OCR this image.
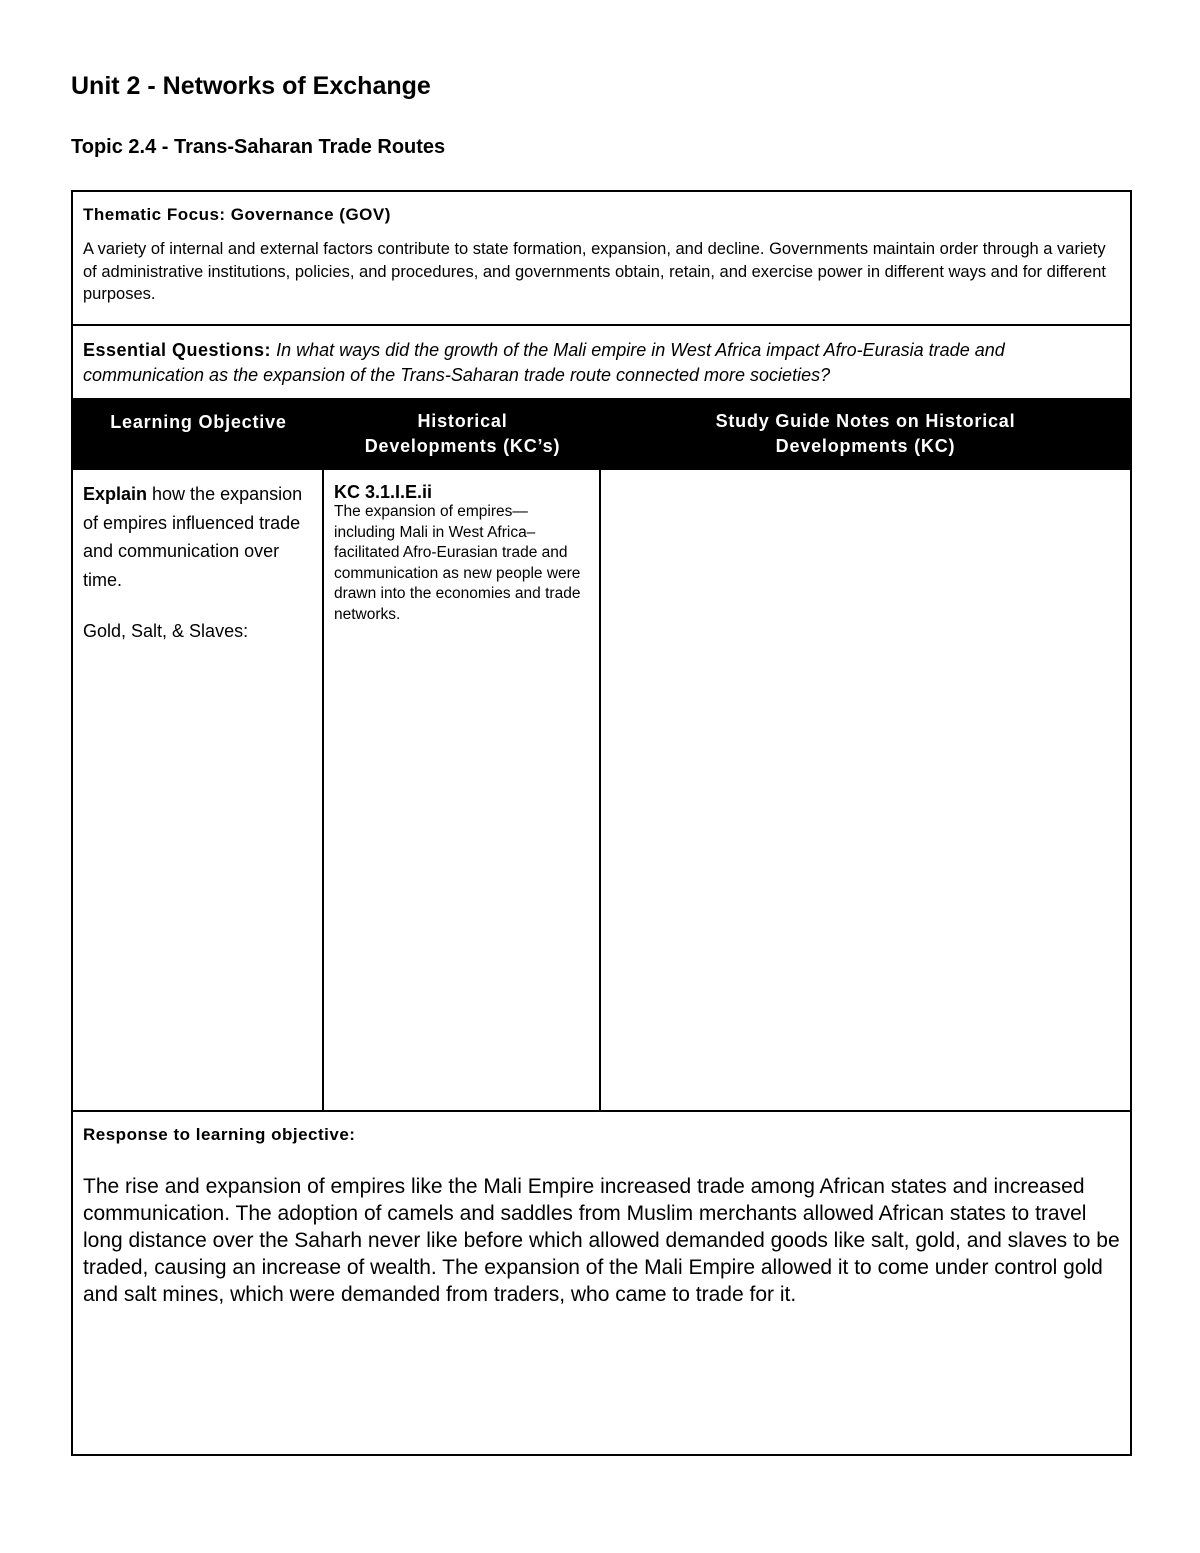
Unit 2 - Networks of Exchange
Topic 2.4 - Trans-Saharan Trade Routes
Thematic Focus: Governance (GOV)
A variety of internal and external factors contribute to state formation, expansion, and decline. Governments maintain order through a variety of administrative institutions, policies, and procedures, and governments obtain, retain, and exercise power in different ways and for different purposes.
Essential Questions: In what ways did the growth of the Mali empire in West Africa impact Afro-Eurasia trade and communication as the expansion of the Trans-Saharan trade route connected more societies?
Learning Objective	Historical Developments (KC’s)
Study Guide Notes on Historical Developments (KC)
Explain how the expansion of empires influenced trade and communication over time.
Gold, Salt, & Slaves:
KC 3.1.I.E.ii
The expansion of empires—including Mali in West Africa–facilitated Afro-Eurasian trade and communication as new people were drawn into the economies and trade networks.
Response to learning objective:
The rise and expansion of empires like the Mali Empire increased trade among African states and increased communication. The adoption of camels and saddles from Muslim merchants allowed African states to travel long distance over the Saharh never like before which allowed demanded goods like salt, gold, and slaves to be traded, causing an increase of wealth. The expansion of the Mali Empire allowed it to come under control gold and salt mines, which were demanded from traders, who came to trade for it.
